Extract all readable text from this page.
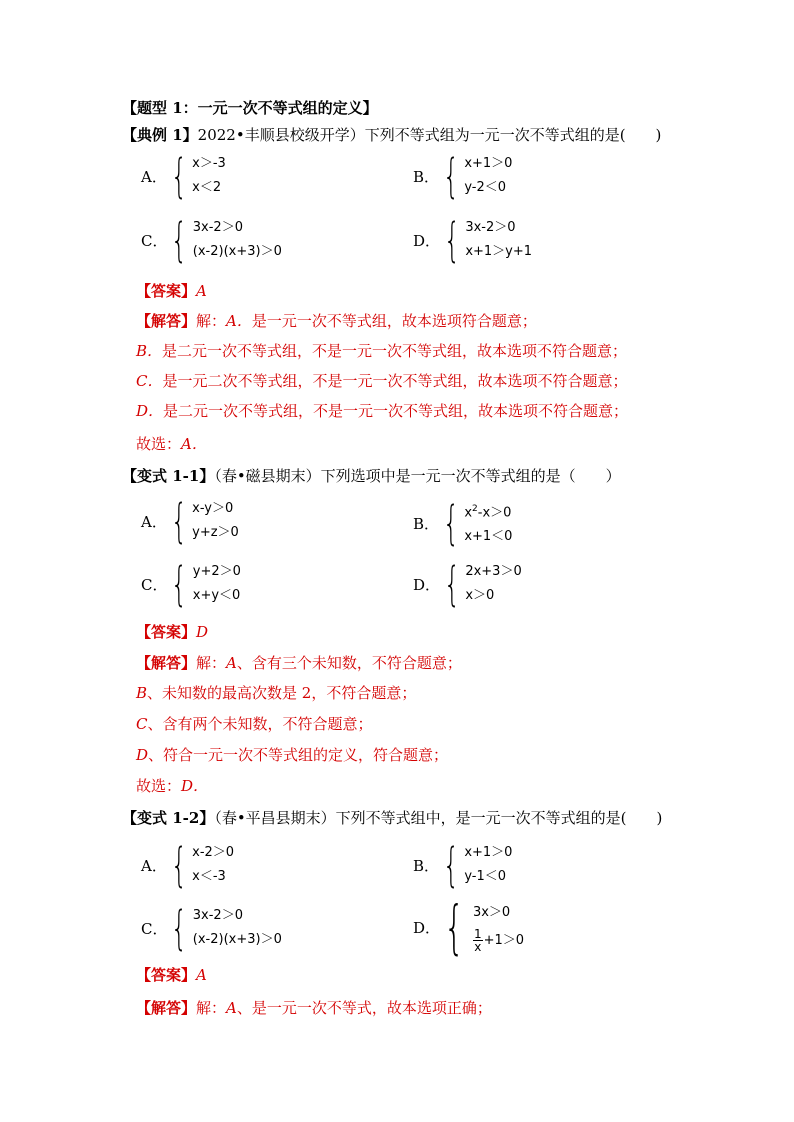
【题型 1：一元一次不等式组的定义】
【典例 1】2022•丰顺县校级开学）下列不等式组为一元一次不等式组的是(　　)
A． { x＞-3
x＜2
B． { x+1＞0
y-2＜0
C． { 3x-2＞0
(x-2)(x+3)＞0
D． { 3x-2＞0
x+1＞y+1
【答案】A
【解答】解：A．是一元一次不等式组，故本选项符合题意；
B．是二元一次不等式组，不是一元一次不等式组，故本选项不符合题意；
C．是一元二次不等式组，不是一元一次不等式组，故本选项不符合题意；
D．是二元一次不等式组，不是一元一次不等式组，故本选项不符合题意；
故选：A．
【变式 1-1】（春•磁县期末）下列选项中是一元一次不等式组的是（　　）
A． { x-y＞0
y+z＞0	B． { $x^2-x>0$
x+1＜0
C． { y+2＞0
x+y＜0
D． { 2x+3＞0
x＞0
【答案】D
【解答】解：A、含有三个未知数，不符合题意；
B、未知数的最高次数是 2，不符合题意；
C、含有两个未知数，不符合题意；
D、符合一元一次不等式组的定义，符合题意；
故选：D．
【变式 1-2】（春•平昌县期末）下列不等式组中，是一元一次不等式组的是(　　)
A． { x-2＞0
x＜-3
B． { x+1＞0
y-1＜0
C． { 3x-2＞0
(x-2)(x+3)＞0
D． { 3x＞0
$\frac{1}{x} +1>0$
【答案】A
【解答】解：A、是一元一次不等式，故本选项正确；
